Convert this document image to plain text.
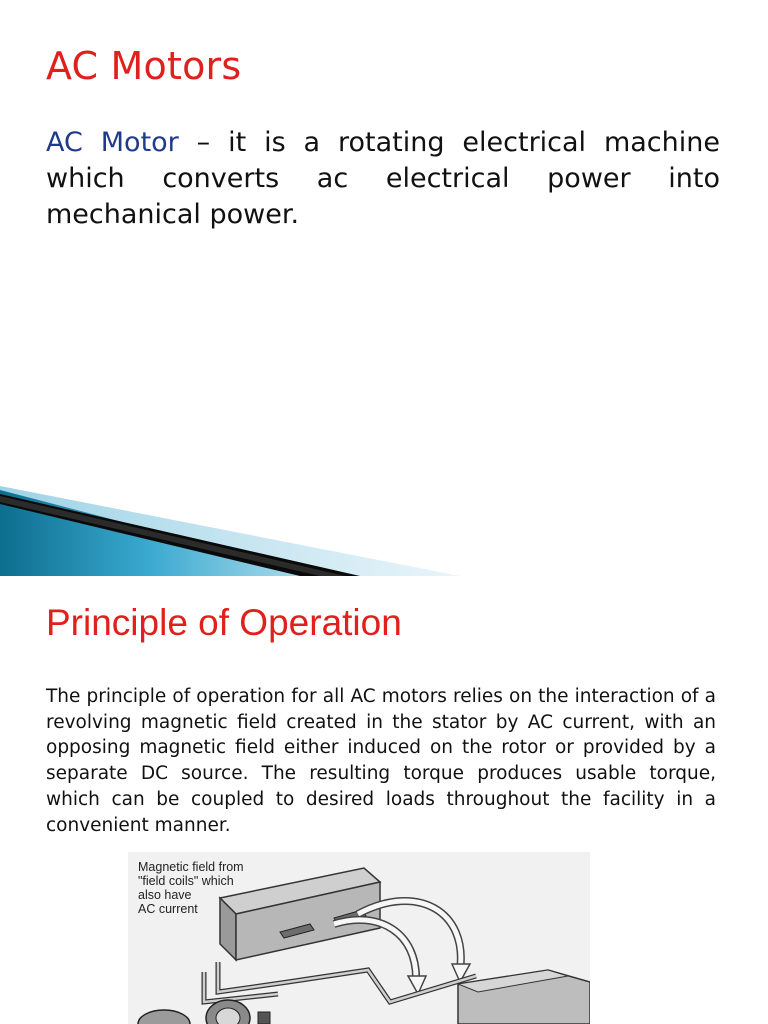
AC Motors

AC Motor – it is a rotating electrical machine which converts ac electrical power into mechanical power.

Principle of Operation

The principle of operation for all AC motors relies on the interaction of a revolving magnetic field created in the stator by AC current, with an opposing magnetic field either induced on the rotor or provided by a separate DC source. The resulting torque produces usable torque, which can be coupled to desired loads throughout the facility in a convenient manner.

Magnetic field from
"field coils" which
also have
AC current
